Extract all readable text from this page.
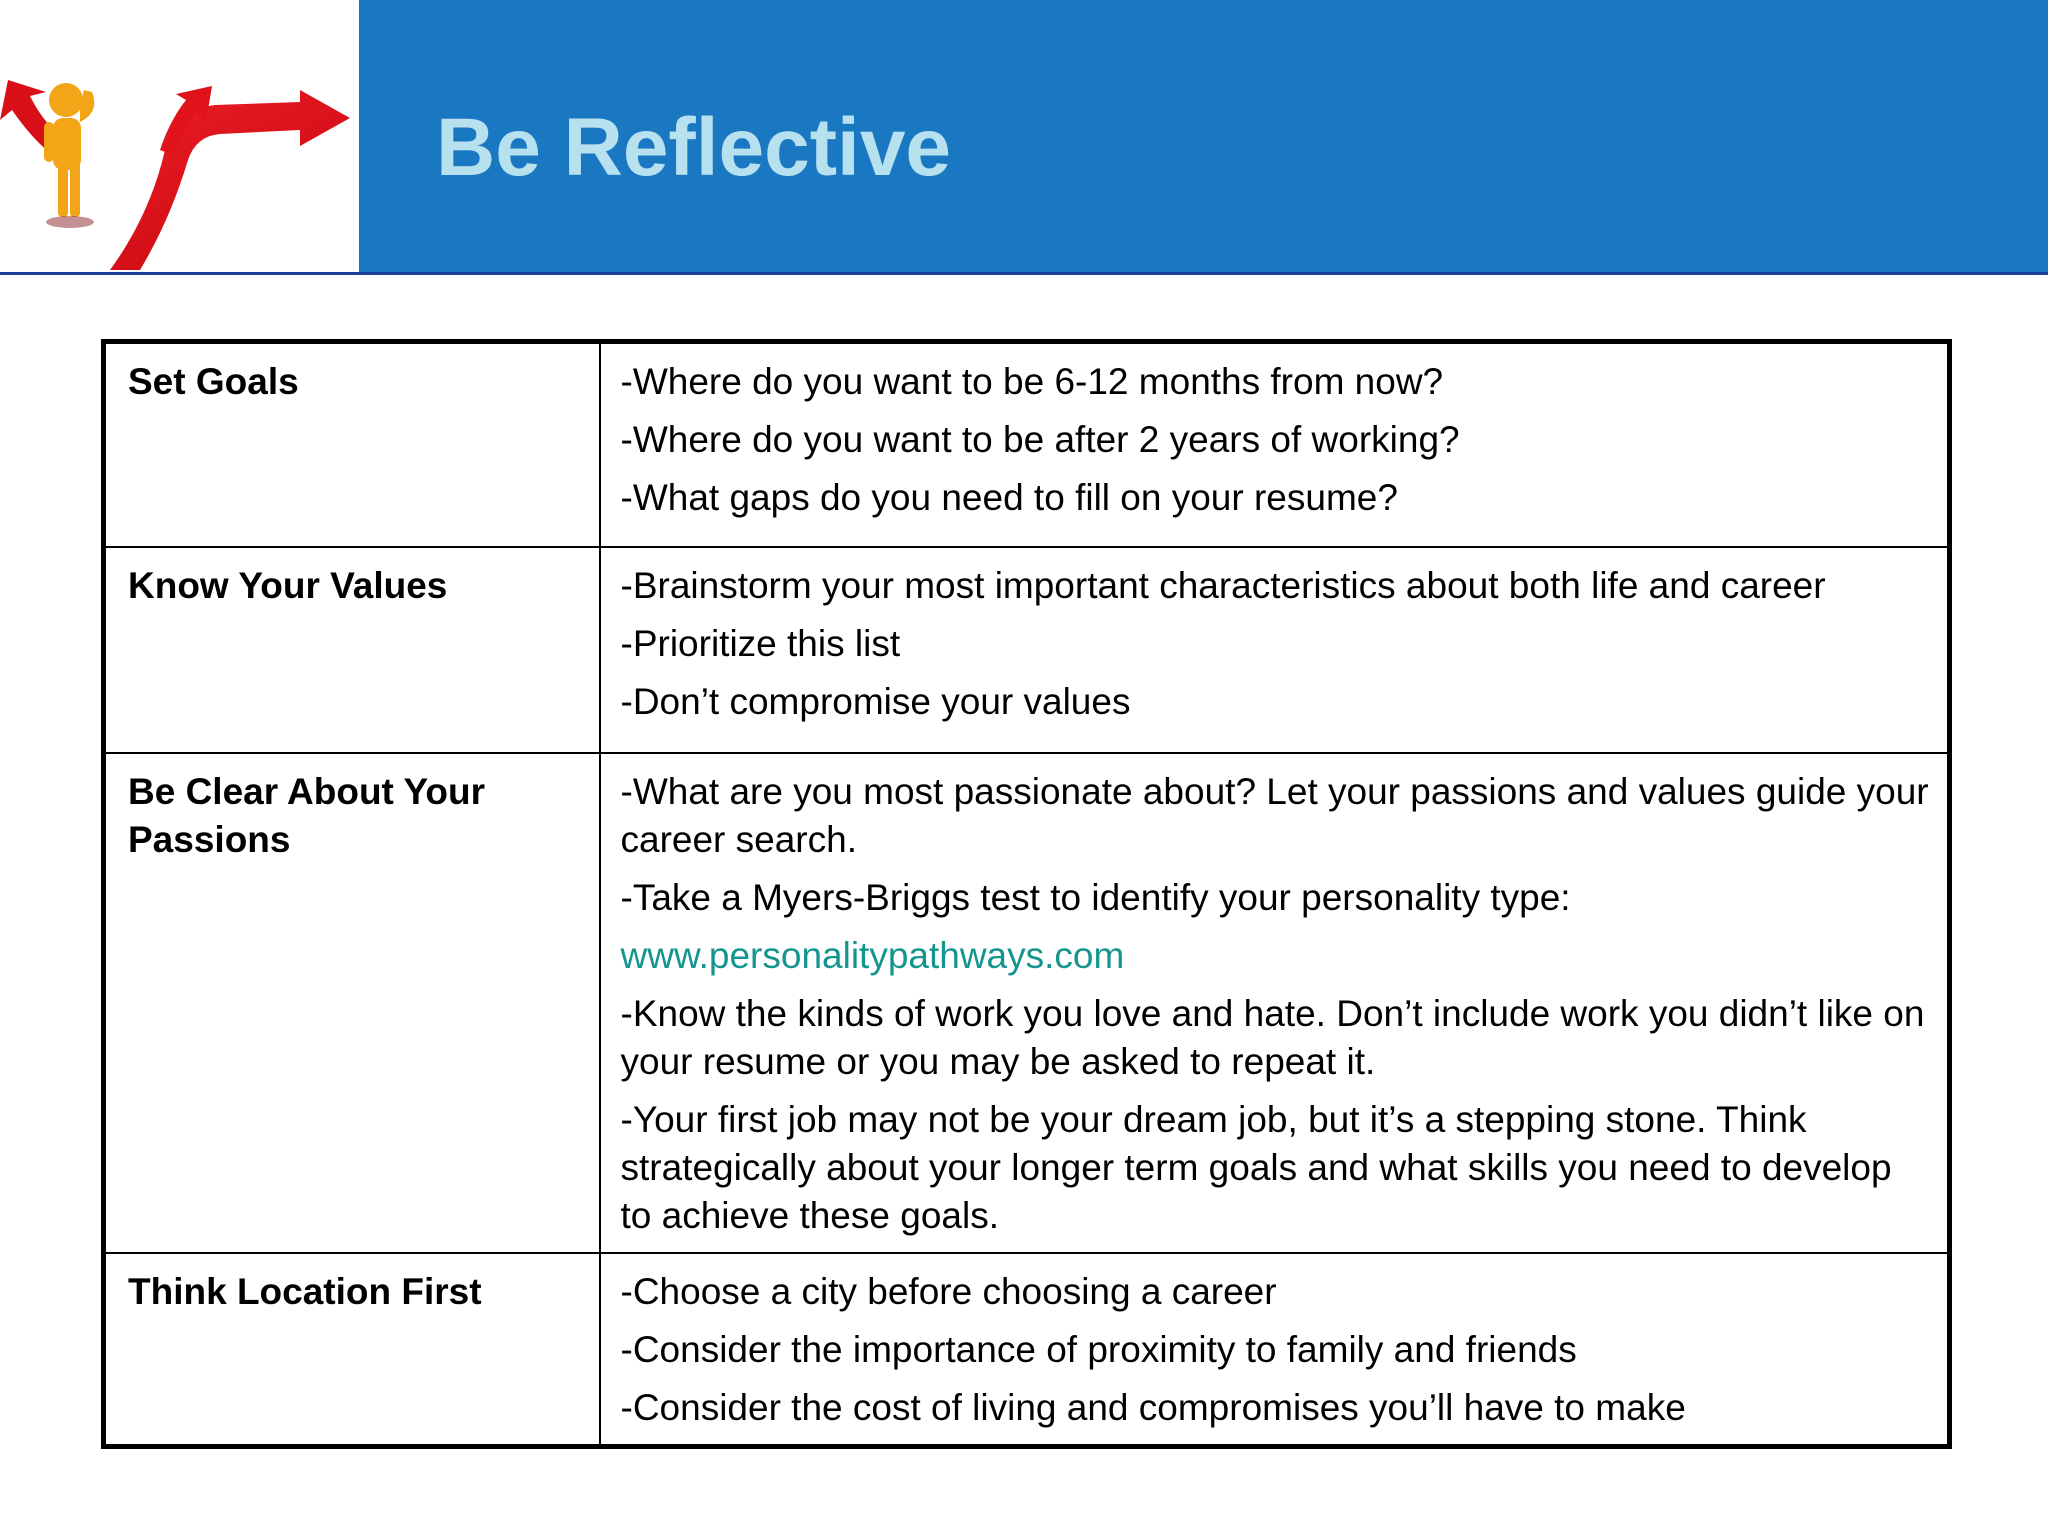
Be Reflective
Set Goals	-Where do you want to be 6-12 months from now?
-Where do you want to be after 2 years of working?
-What gaps do you need to fill on your resume?

Know Your Values	-Brainstorm your most important characteristics about both life and career
-Prioritize this list
-Don’t compromise your values

Be Clear About Your Passions	-What are you most passionate about? Let your passions and values guide your career search.
-Take a Myers-Briggs test to identify your personality type:
www.personalitypathways.com
-Know the kinds of work you love and hate. Don’t include work you didn’t like on your resume or you may be asked to repeat it.
-Your first job may not be your dream job, but it’s a stepping stone. Think strategically about your longer term goals and what skills you need to develop to achieve these goals.

Think Location First	-Choose a city before choosing a career
-Consider the importance of proximity to family and friends
-Consider the cost of living and compromises you’ll have to make
